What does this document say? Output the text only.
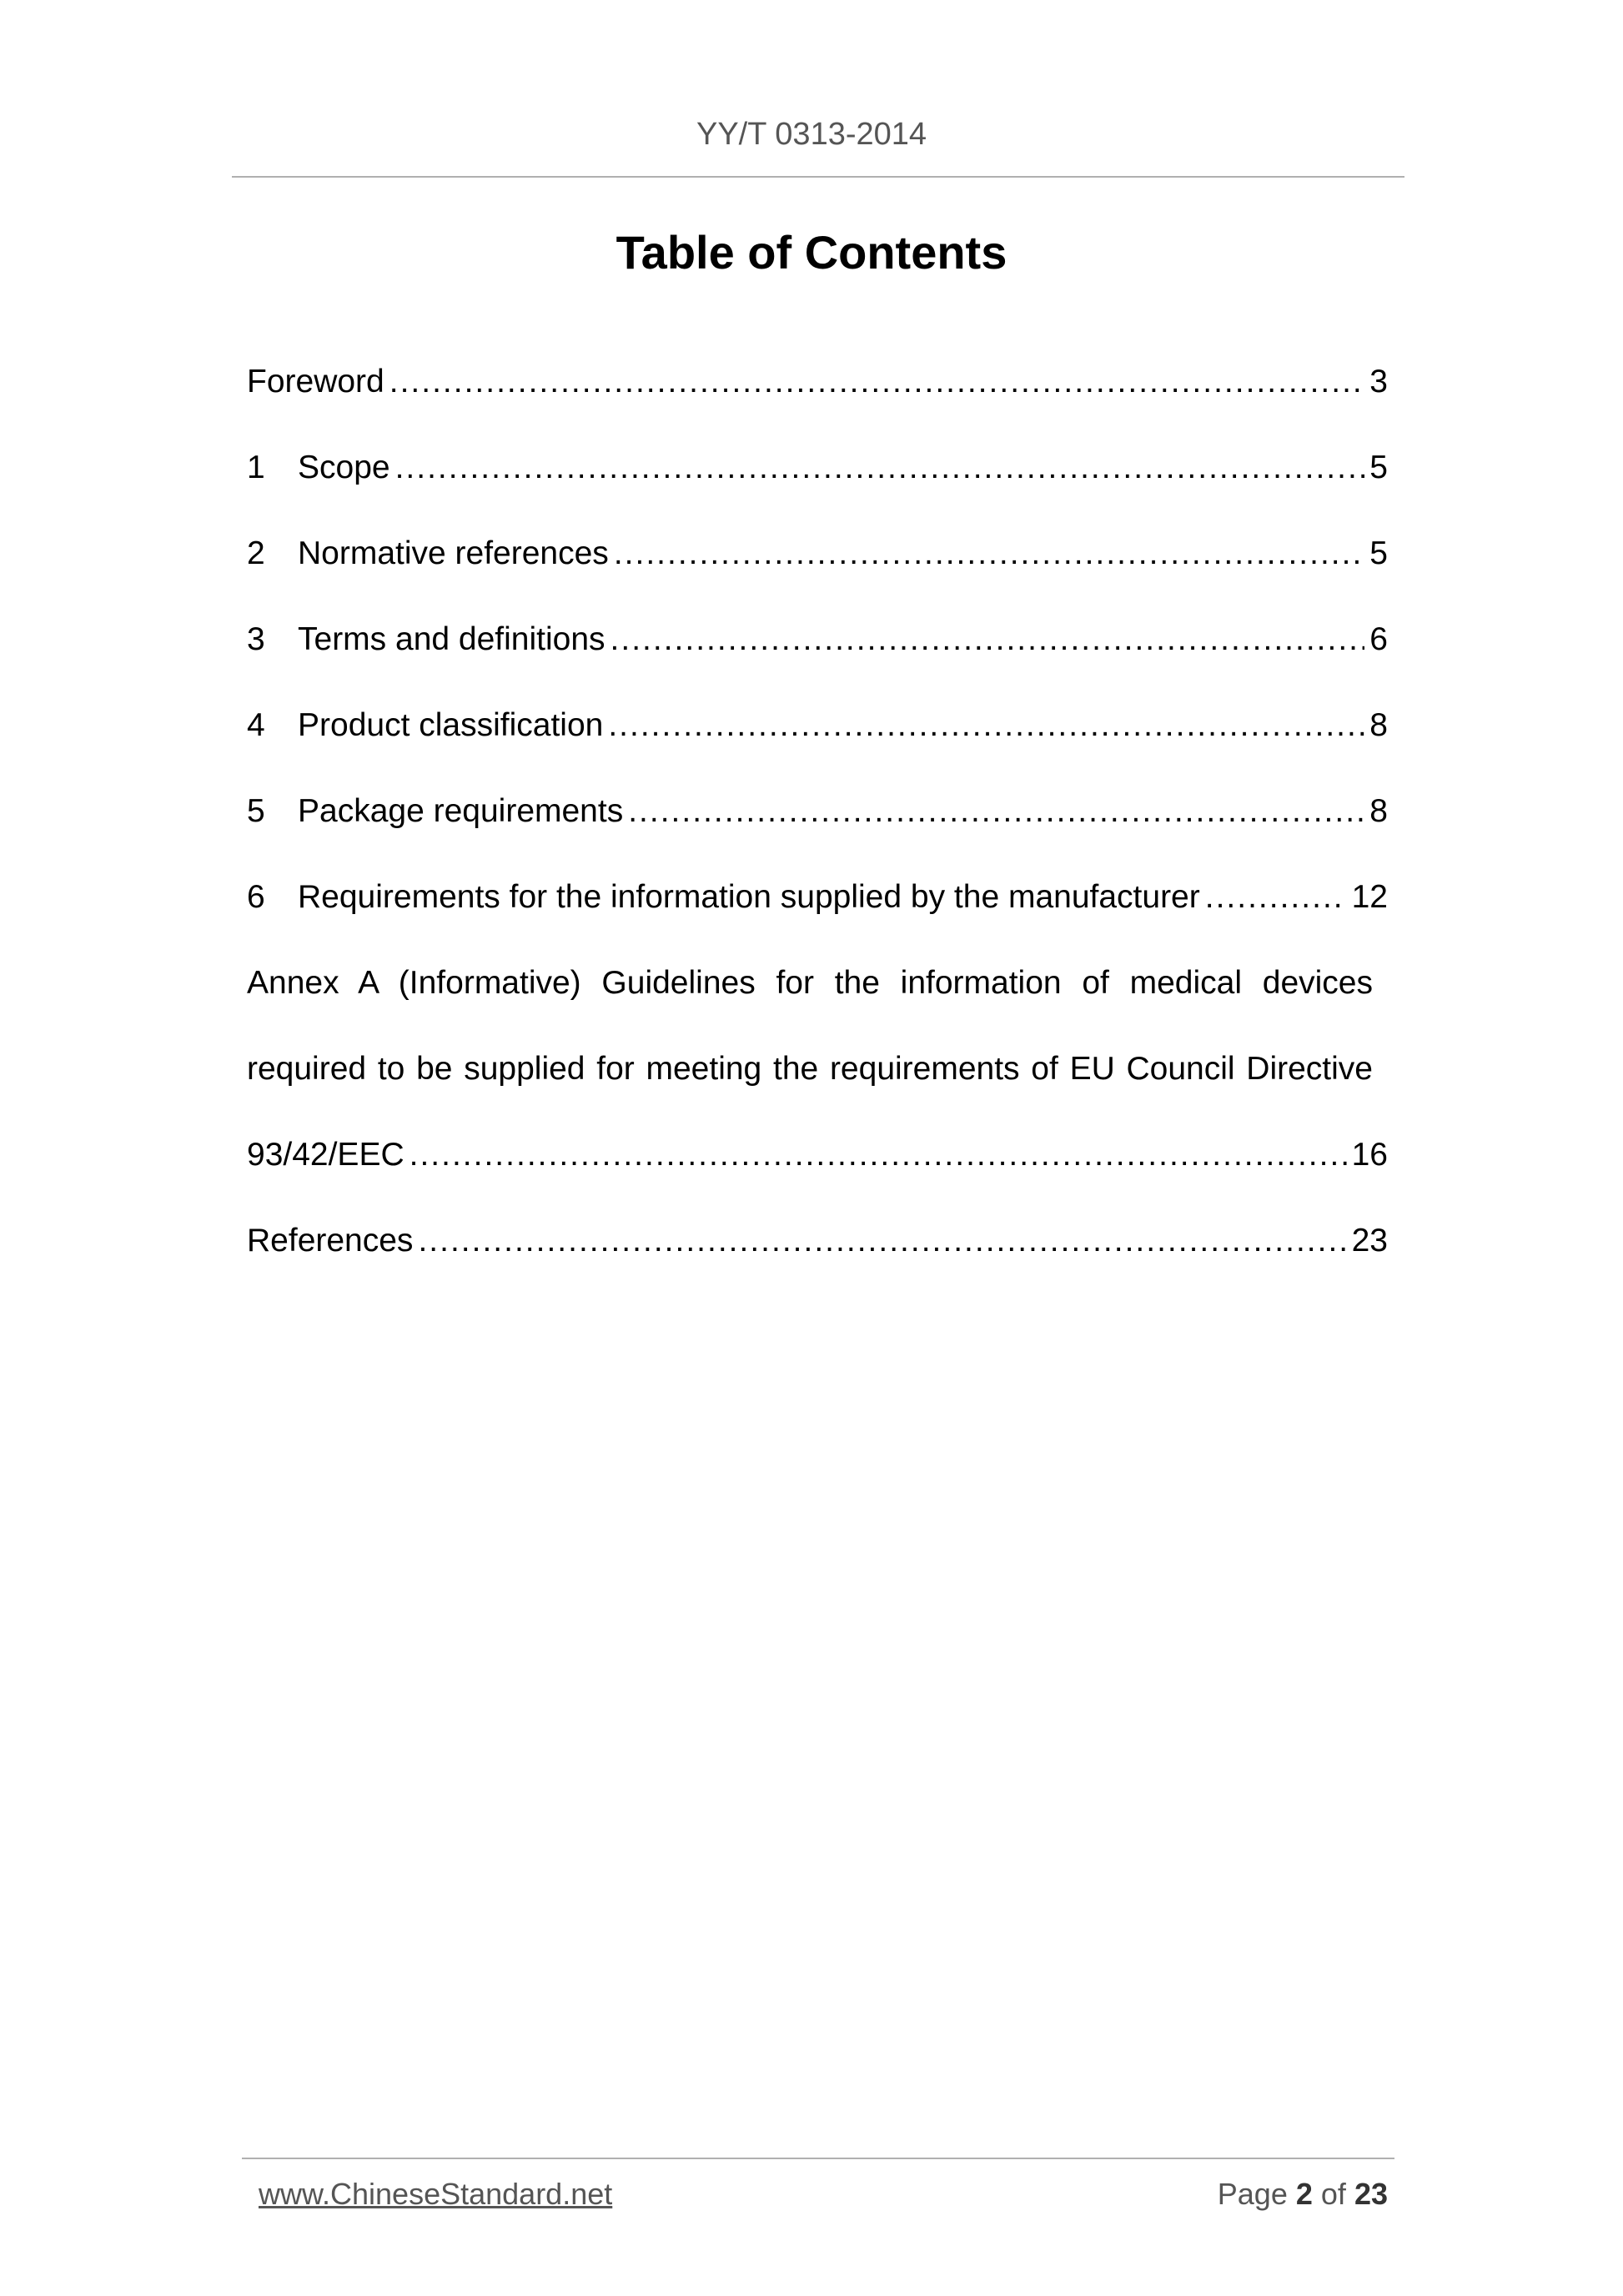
YY/T 0313-2014
Table of Contents
Foreword .....	3
1	Scope .....	5
2	Normative references .....	5
3	Terms and definitions .....	6
4	Product classification .....	8
5	Package requirements .....	8
6	Requirements for the information supplied by the manufacturer .....	12
Annex A (Informative) Guidelines for the information of medical devices
required to be supplied for meeting the requirements of EU Council Directive
93/42/EEC .....	16
References .....	23
www.ChineseStandard.net	Page 2 of 23
